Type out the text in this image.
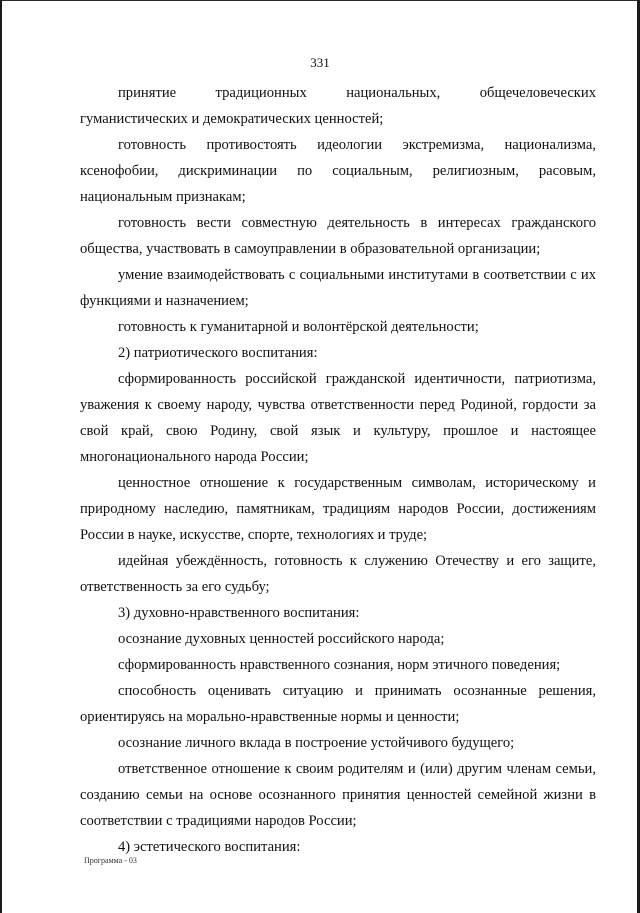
331

принятие традиционных национальных, общечеловеческих гуманистических и демократических ценностей;

готовность противостоять идеологии экстремизма, национализма, ксенофобии, дискриминации по социальным, религиозным, расовым, национальным признакам;

готовность вести совместную деятельность в интересах гражданского общества, участвовать в самоуправлении в образовательной организации;

умение взаимодействовать с социальными институтами в соответствии с их функциями и назначением;

готовность к гуманитарной и волонтёрской деятельности;

2) патриотического воспитания:

сформированность российской гражданской идентичности, патриотизма, уважения к своему народу, чувства ответственности перед Родиной, гордости за свой край, свою Родину, свой язык и культуру, прошлое и настоящее многонационального народа России;

ценностное отношение к государственным символам, историческому и природному наследию, памятникам, традициям народов России, достижениям России в науке, искусстве, спорте, технологиях и труде;

идейная убеждённость, готовность к служению Отечеству и его защите, ответственность за его судьбу;

3) духовно-нравственного воспитания:

осознание духовных ценностей российского народа;

сформированность нравственного сознания, норм этичного поведения;

способность оценивать ситуацию и принимать осознанные решения, ориентируясь на морально-нравственные нормы и ценности;

осознание личного вклада в построение устойчивого будущего;

ответственное отношение к своим родителям и (или) другим членам семьи, созданию семьи на основе осознанного принятия ценностей семейной жизни в соответствии с традициями народов России;

4) эстетического воспитания:

Программа - 03
